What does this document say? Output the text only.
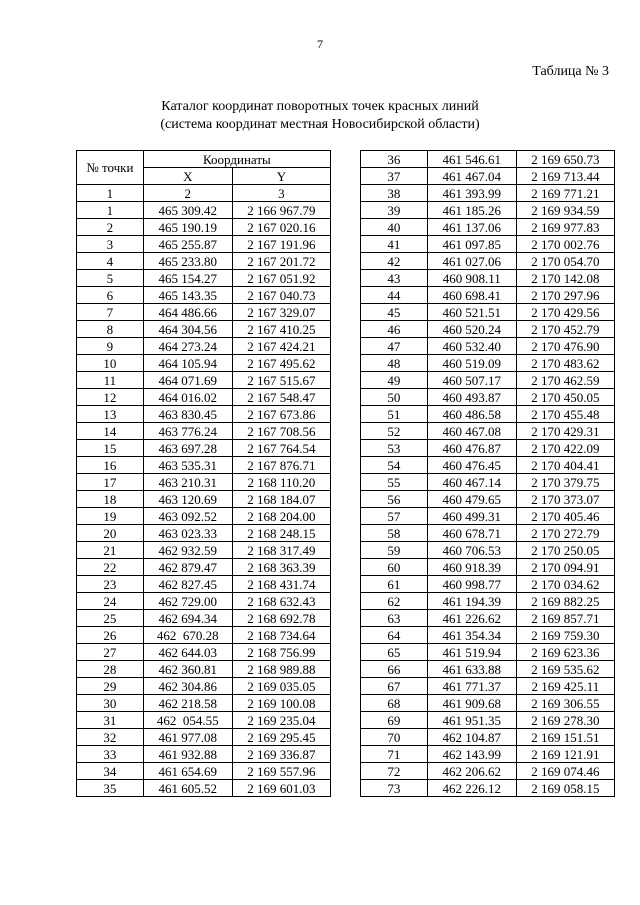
7
Таблица № 3
Каталог координат поворотных точек красных линий
(система координат местная Новосибирской области)
№ точки	Координаты	
	X	Y
1	2	3
1	465 309.42	2 166 967.79
2	465 190.19	2 167 020.16
3	465 255.87	2 167 191.96
4	465 233.80	2 167 201.72
5	465 154.27	2 167 051.92
6	465 143.35	2 167 040.73
7	464 486.66	2 167 329.07
8	464 304.56	2 167 410.25
9	464 273.24	2 167 424.21
10	464 105.94	2 167 495.62
11	464 071.69	2 167 515.67
12	464 016.02	2 167 548.47
13	463 830.45	2 167 673.86
14	463 776.24	2 167 708.56
15	463 697.28	2 167 764.54
16	463 535.31	2 167 876.71
17	463 210.31	2 168 110.20
18	463 120.69	2 168 184.07
19	463 092.52	2 168 204.00
20	463 023.33	2 168 248.15
21	462 932.59	2 168 317.49
22	462 879.47	2 168 363.39
23	462 827.45	2 168 431.74
24	462 729.00	2 168 632.43
25	462 694.34	2 168 692.78
26	462  670.28	2 168 734.64
27	462 644.03	2 168 756.99
28	462 360.81	2 168 989.88
29	462 304.86	2 169 035.05
30	462 218.58	2 169 100.08
31	462  054.55	2 169 235.04
32	461 977.08	2 169 295.45
33	461 932.88	2 169 336.87
34	461 654.69	2 169 557.96
35	461 605.52	2 169 601.03
36	461 546.61	2 169 650.73
37	461 467.04	2 169 713.44
38	461 393.99	2 169 771.21
39	461 185.26	2 169 934.59
40	461 137.06	2 169 977.83
41	461 097.85	2 170 002.76
42	461 027.06	2 170 054.70
43	460 908.11	2 170 142.08
44	460 698.41	2 170 297.96
45	460 521.51	2 170 429.56
46	460 520.24	2 170 452.79
47	460 532.40	2 170 476.90
48	460 519.09	2 170 483.62
49	460 507.17	2 170 462.59
50	460 493.87	2 170 450.05
51	460 486.58	2 170 455.48
52	460 467.08	2 170 429.31
53	460 476.87	2 170 422.09
54	460 476.45	2 170 404.41
55	460 467.14	2 170 379.75
56	460 479.65	2 170 373.07
57	460 499.31	2 170 405.46
58	460 678.71	2 170 272.79
59	460 706.53	2 170 250.05
60	460 918.39	2 170 094.91
61	460 998.77	2 170 034.62
62	461 194.39	2 169 882.25
63	461 226.62	2 169 857.71
64	461 354.34	2 169 759.30
65	461 519.94	2 169 623.36
66	461 633.88	2 169 535.62
67	461 771.37	2 169 425.11
68	461 909.68	2 169 306.55
69	461 951.35	2 169 278.30
70	462 104.87	2 169 151.51
71	462 143.99	2 169 121.91
72	462 206.62	2 169 074.46
73	462 226.12	2 169 058.15
